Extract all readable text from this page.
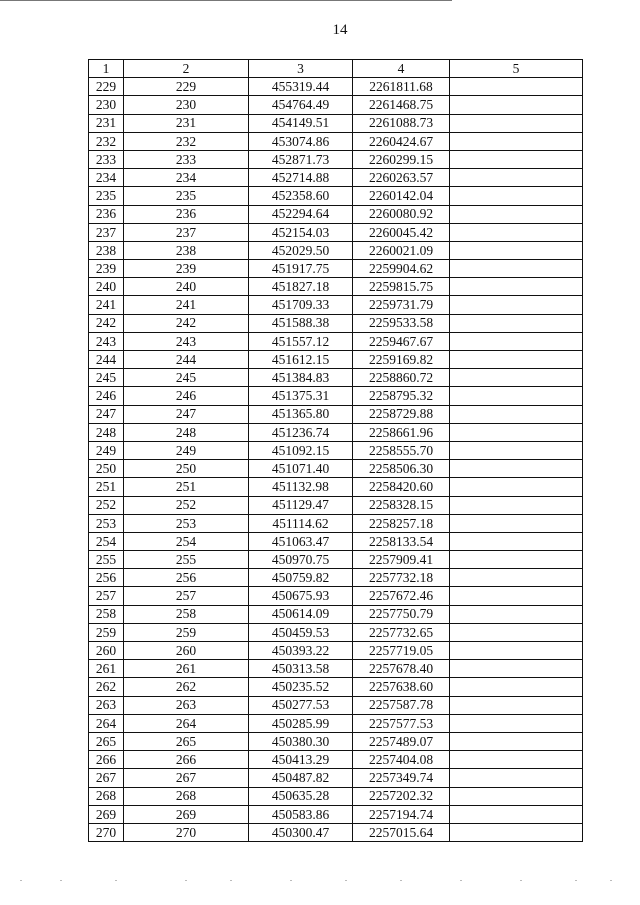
14
1	2	3	4	5
229	229	455319.44	2261811.68	
230	230	454764.49	2261468.75	
231	231	454149.51	2261088.73	
232	232	453074.86	2260424.67	
233	233	452871.73	2260299.15	
234	234	452714.88	2260263.57	
235	235	452358.60	2260142.04	
236	236	452294.64	2260080.92	
237	237	452154.03	2260045.42	
238	238	452029.50	2260021.09	
239	239	451917.75	2259904.62	
240	240	451827.18	2259815.75	
241	241	451709.33	2259731.79	
242	242	451588.38	2259533.58	
243	243	451557.12	2259467.67	
244	244	451612.15	2259169.82	
245	245	451384.83	2258860.72	
246	246	451375.31	2258795.32	
247	247	451365.80	2258729.88	
248	248	451236.74	2258661.96	
249	249	451092.15	2258555.70	
250	250	451071.40	2258506.30	
251	251	451132.98	2258420.60	
252	252	451129.47	2258328.15	
253	253	451114.62	2258257.18	
254	254	451063.47	2258133.54	
255	255	450970.75	2257909.41	
256	256	450759.82	2257732.18	
257	257	450675.93	2257672.46	
258	258	450614.09	2257750.79	
259	259	450459.53	2257732.65	
260	260	450393.22	2257719.05	
261	261	450313.58	2257678.40	
262	262	450235.52	2257638.60	
263	263	450277.53	2257587.78	
264	264	450285.99	2257577.53	
265	265	450380.30	2257489.07	
266	266	450413.29	2257404.08	
267	267	450487.82	2257349.74	
268	268	450635.28	2257202.32	
269	269	450583.86	2257194.74	
270	270	450300.47	2257015.64	
